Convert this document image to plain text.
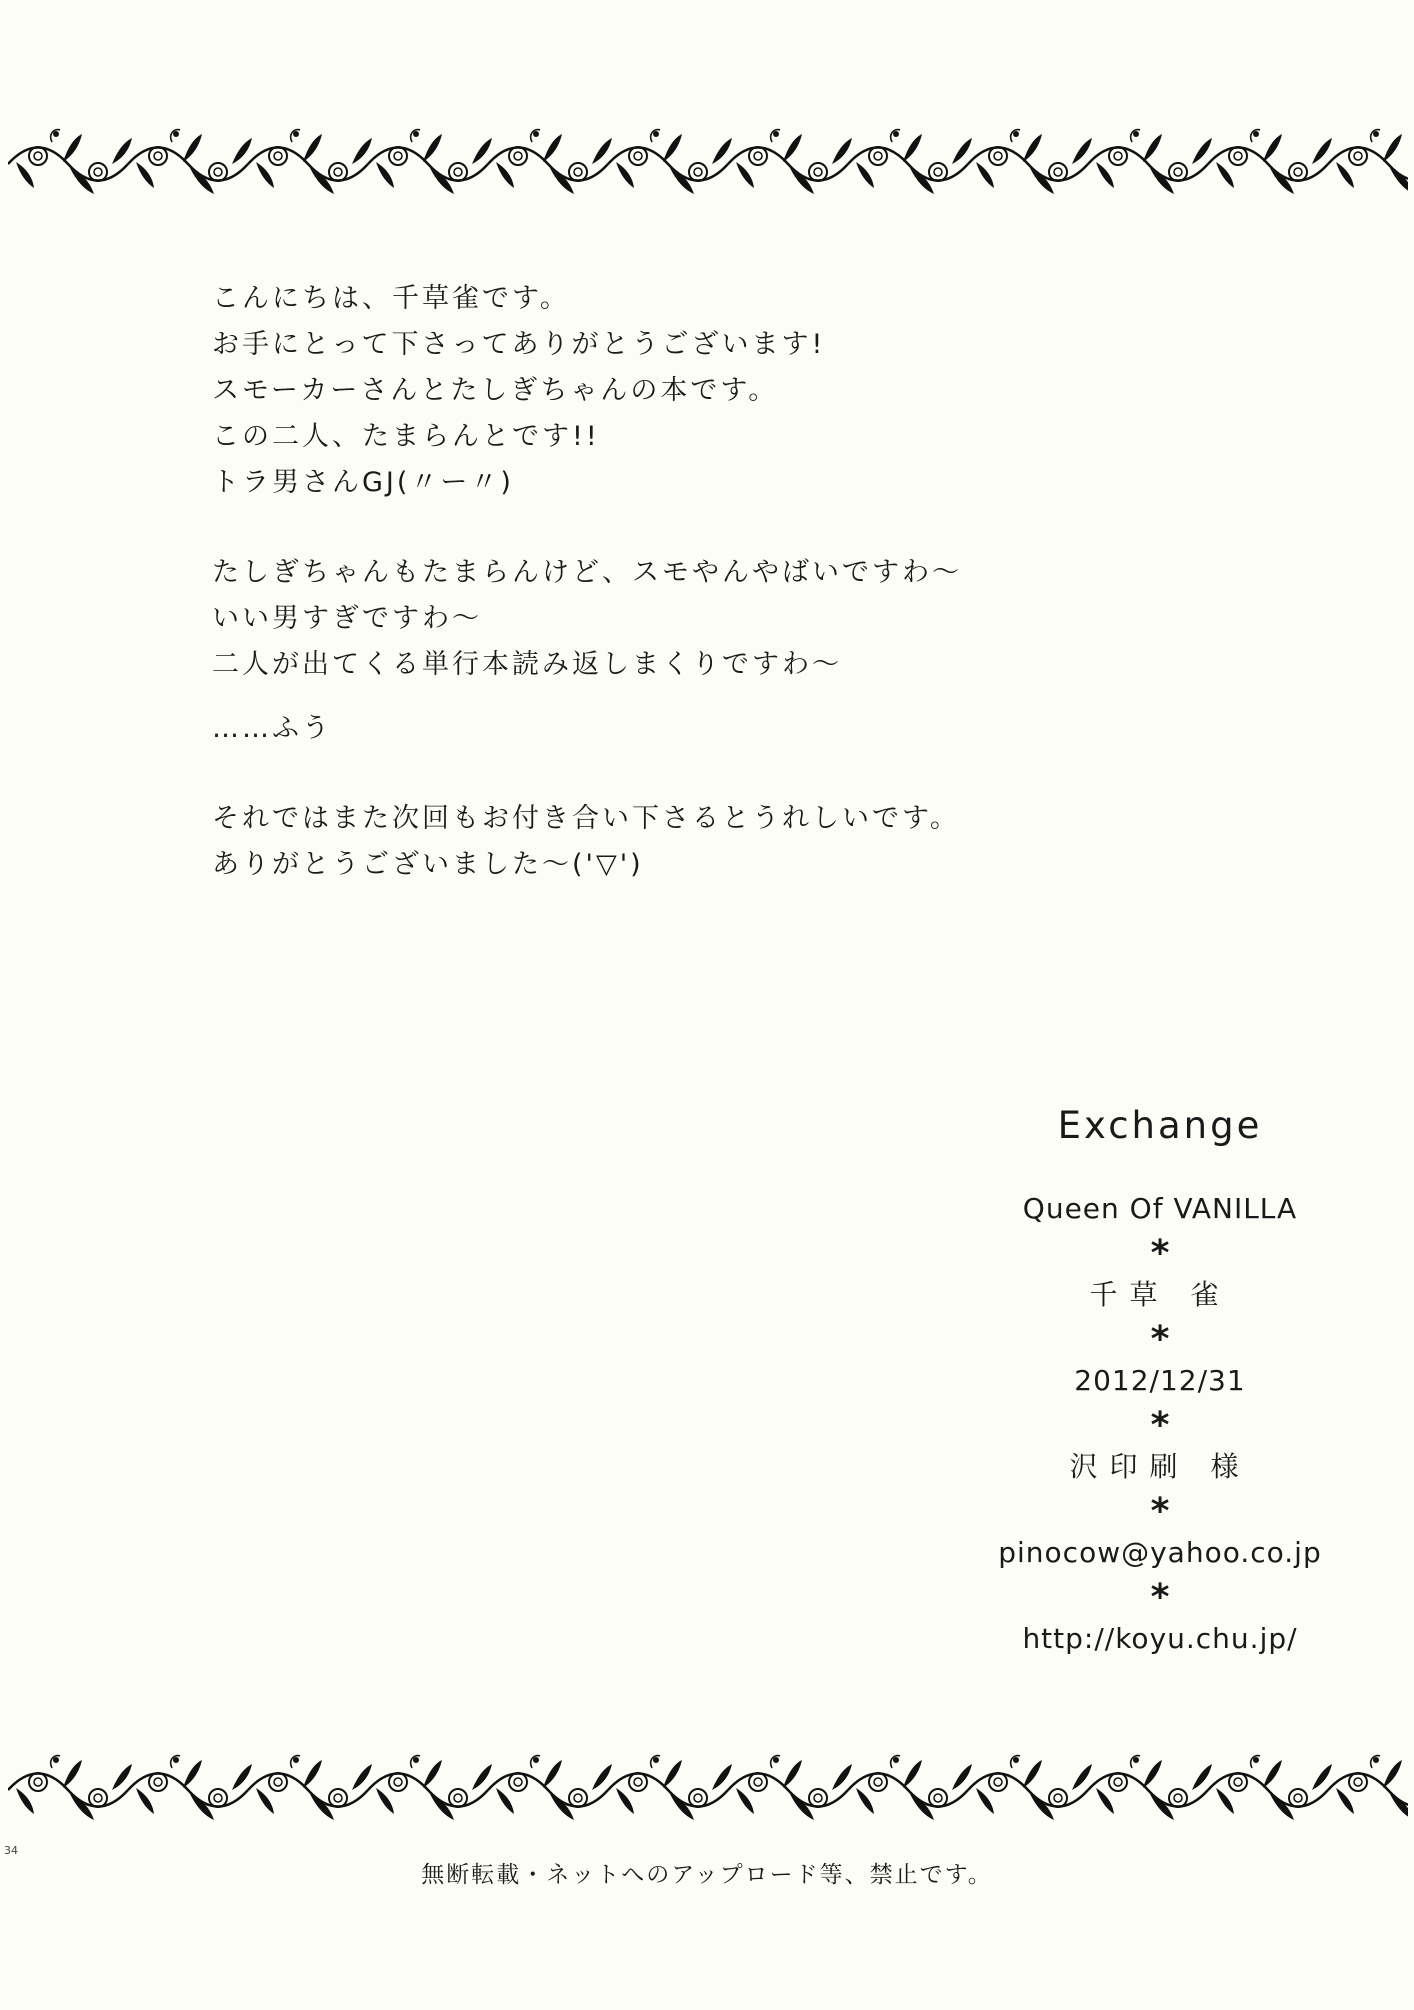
こんにちは、千草雀です。
お手にとって下さってありがとうございます!
スモーカーさんとたしぎちゃんの本です。
この二人、たまらんとです!!
トラ男さんGJ(〃ー〃)
たしぎちゃんもたまらんけど、スモやんやばいですわ〜
いい男すぎですわ〜
二人が出てくる単行本読み返しまくりですわ〜
……ふう
それではまた次回もお付き合い下さるとうれしいです。
ありがとうございました〜('▽')
Exchange
Queen Of VANILLA
*
千草 雀
*
2012/12/31
*
沢印刷 様
*
pinocow@yahoo.co.jp
*
http://koyu.chu.jp/
34
無断転載・ネットへのアップロード等、禁止です。
